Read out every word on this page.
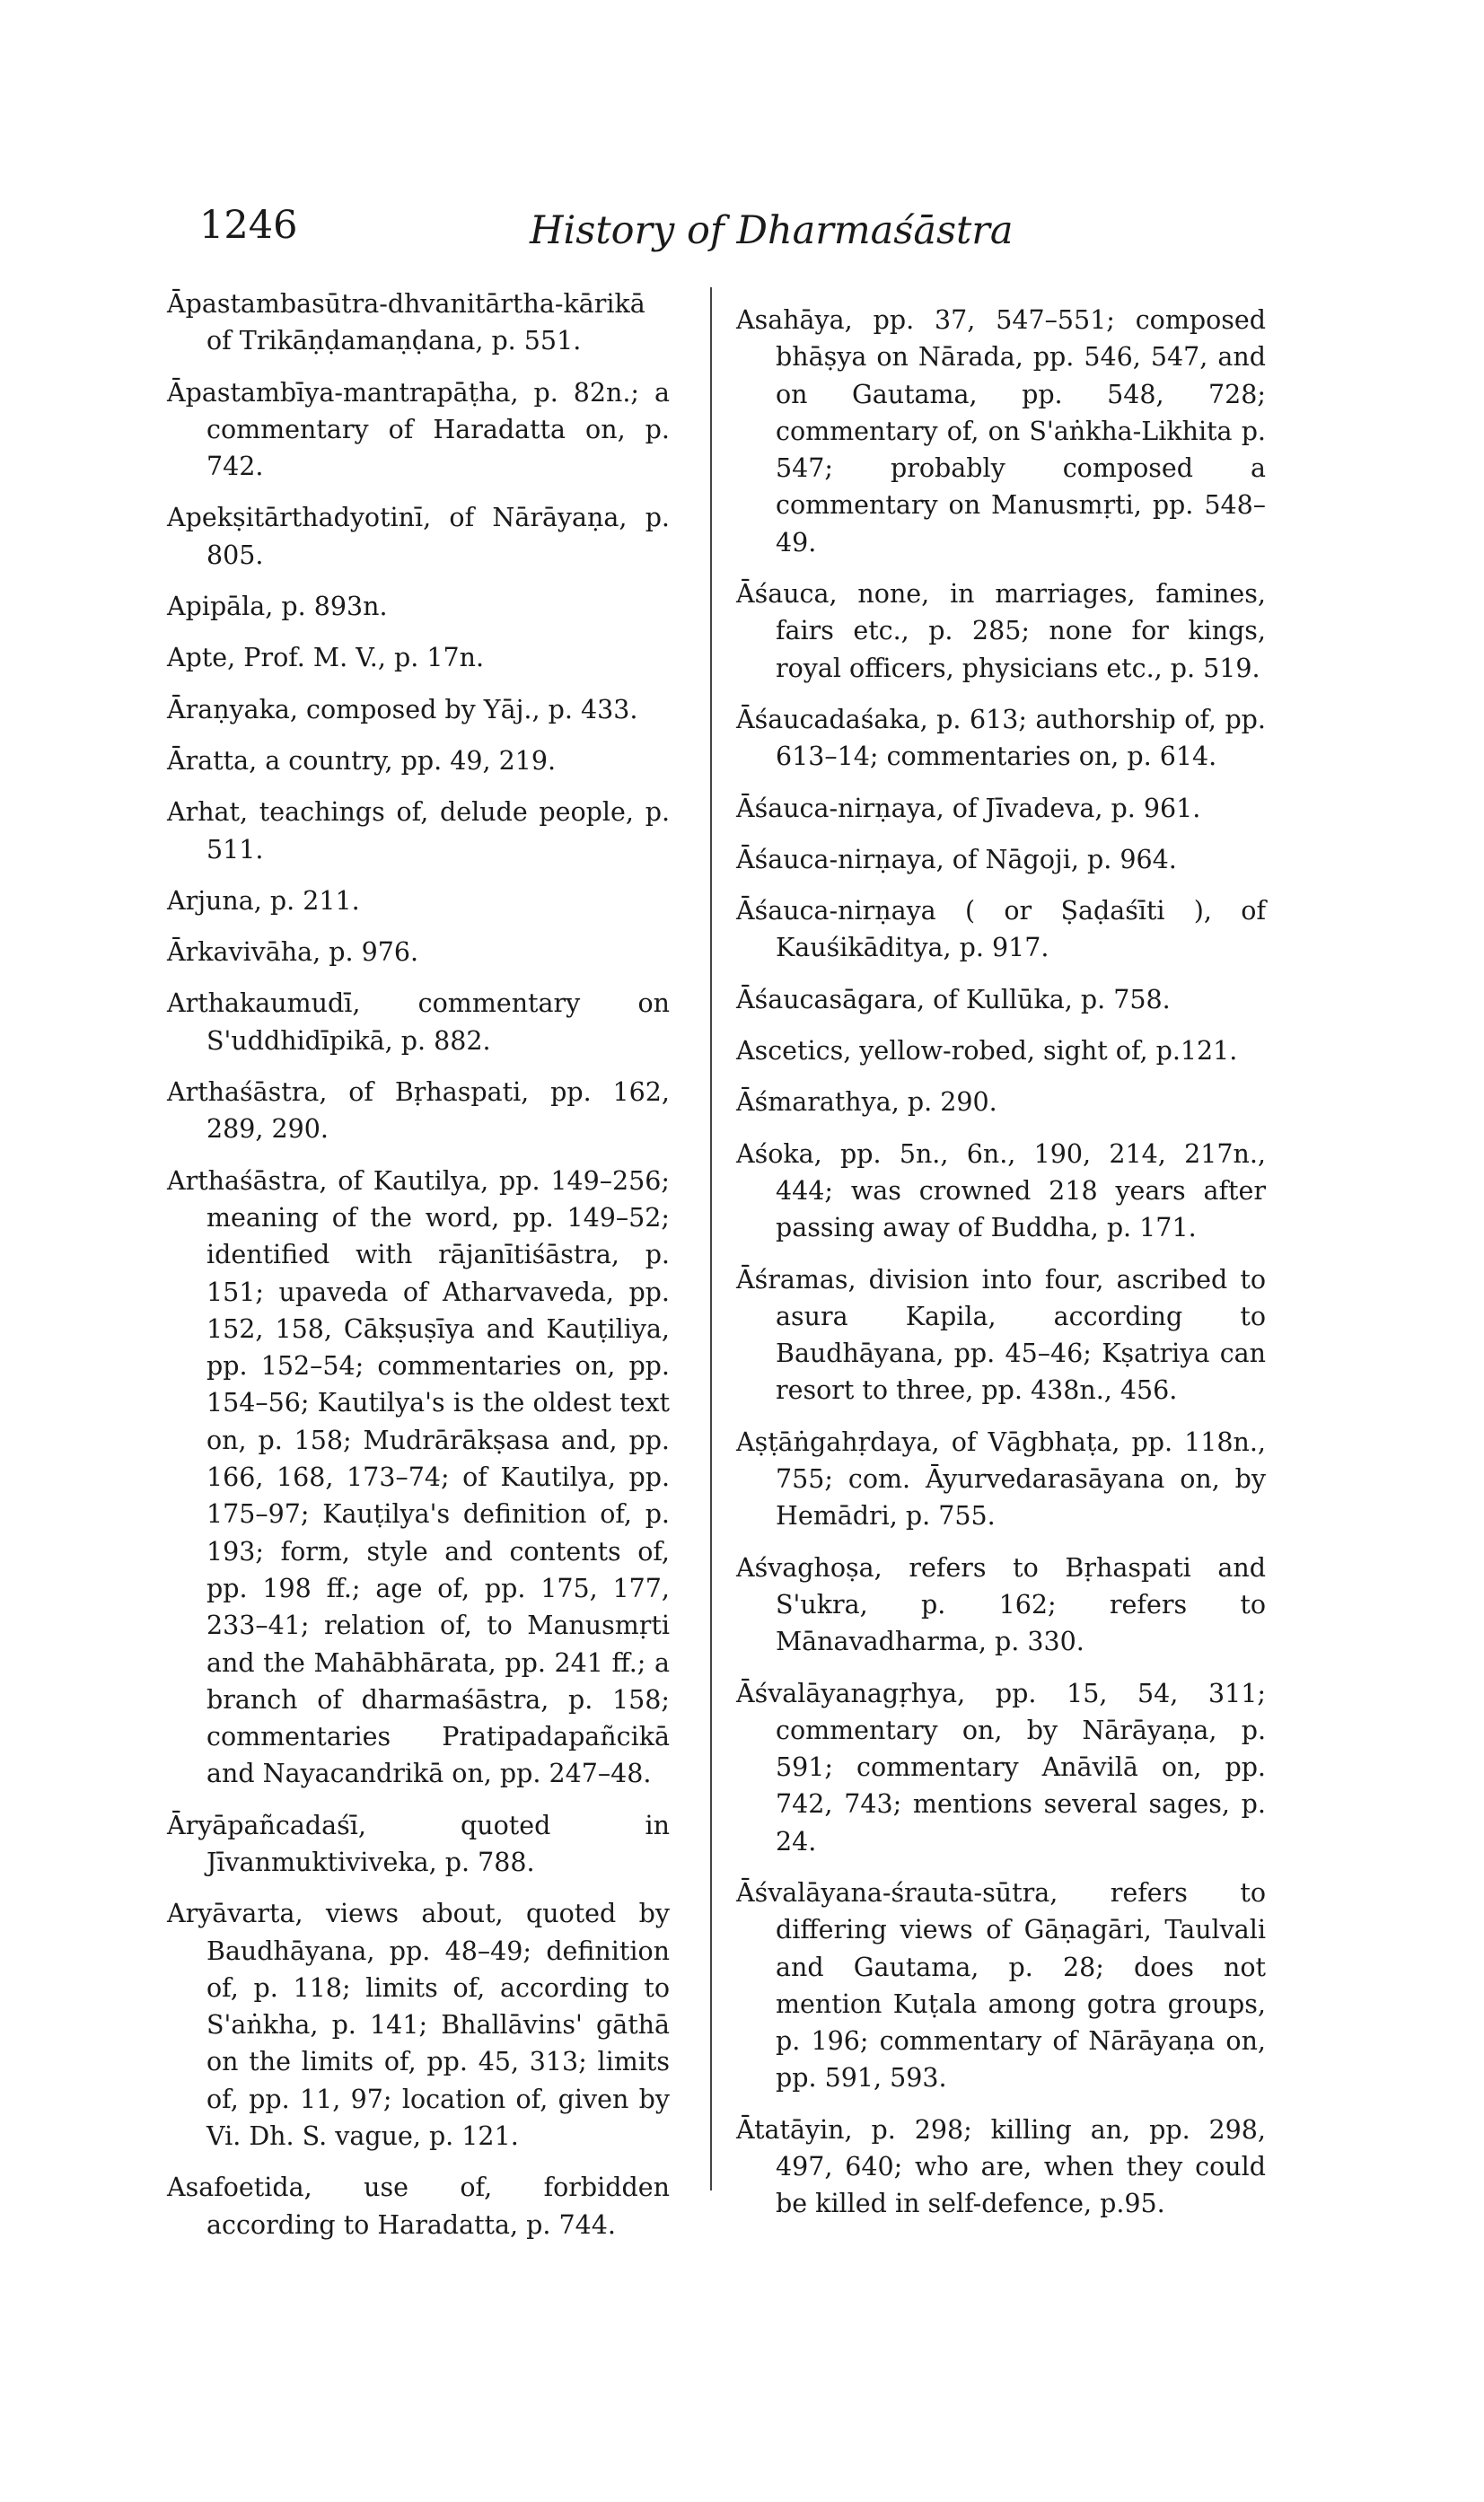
1246	History of Dharmaśāstra

Āpastambasūtra-dhvanitārtha-kārikā of Trikāṇḍamaṇḍana, p. 551.

Āpastambīya-mantrapāṭha, p. 82n.; a commentary of Haradatta on, p. 742.

Apekṣitārthadyotinī, of Nārāyaṇa, p. 805.

Apipāla, p. 893n.

Apte, Prof. M. V., p. 17n.

Āraṇyaka, composed by Yāj., p. 433.

Āratta, a country, pp. 49, 219.

Arhat, teachings of, delude people, p. 511.

Arjuna, p. 211.

Ārkavivāha, p. 976.

Arthakaumudī, commentary on S'uddhidīpikā, p. 882.

Arthaśāstra, of Bṛhaspati, pp. 162, 289, 290.

Arthaśāstra, of Kautilya, pp. 149–256; meaning of the word, pp. 149–52; identified with rājanītiśāstra, p. 151; upaveda of Atharvaveda, pp. 152, 158, Cākṣuṣīya and Kauṭiliya, pp. 152–54; commentaries on, pp. 154–56; Kautilya's is the oldest text on, p. 158; Mudrārākṣasa and, pp. 166, 168, 173–74; of Kautilya, pp. 175–97; Kauṭilya's definition of, p. 193; form, style and contents of, pp. 198 ff.; age of, pp. 175, 177, 233–41; relation of, to Manusmṛti and the Mahābhārata, pp. 241 ff.; a branch of dharmaśāstra, p. 158; commentaries Pratipadapañcikā and Nayacandrikā on, pp. 247–48.

Āryāpañcadaśī, quoted in Jīvanmuktiviveka, p. 788.

Aryāvarta, views about, quoted by Baudhāyana, pp. 48–49; definition of, p. 118; limits of, according to S'aṅkha, p. 141; Bhallāvins' gāthā on the limits of, pp. 45, 313; limits of, pp. 11, 97; location of, given by Vi. Dh. S. vague, p. 121.

Asafoetida, use of, forbidden according to Haradatta, p. 744.

Asahāya, pp. 37, 547–551; composed bhāṣya on Nārada, pp. 546, 547, and on Gautama, pp. 548, 728; commentary of, on S'aṅkha-Likhita p. 547; probably composed a commentary on Manusmṛti, pp. 548–49.

Āśauca, none, in marriages, famines, fairs etc., p. 285; none for kings, royal officers, physicians etc., p. 519.

Āśaucadaśaka, p. 613; authorship of, pp. 613–14; commentaries on, p. 614.

Āśauca-nirṇaya, of Jīvadeva, p. 961.

Āśauca-nirṇaya, of Nāgoji, p. 964.

Āśauca-nirṇaya ( or Ṣaḍaśīti ), of Kauśikāditya, p. 917.

Āśaucasāgara, of Kullūka, p. 758.

Ascetics, yellow-robed, sight of, p.121.

Āśmarathya, p. 290.

Aśoka, pp. 5n., 6n., 190, 214, 217n., 444; was crowned 218 years after passing away of Buddha, p. 171.

Āśramas, division into four, ascribed to asura Kapila, according to Baudhāyana, pp. 45–46; Kṣatriya can resort to three, pp. 438n., 456.

Aṣṭāṅgahṛdaya, of Vāgbhaṭa, pp. 118n., 755; com. Āyurvedarasāyana on, by Hemādri, p. 755.

Aśvaghoṣa, refers to Bṛhaspati and S'ukra, p. 162; refers to Mānavadharma, p. 330.

Āśvalāyanagṛhya, pp. 15, 54, 311; commentary on, by Nārāyaṇa, p. 591; commentary Anāvilā on, pp. 742, 743; mentions several sages, p. 24.

Āśvalāyana-śrauta-sūtra, refers to differing views of Gāṇagāri, Taulvali and Gautama, p. 28; does not mention Kuṭala among gotra groups, p. 196; commentary of Nārāyaṇa on, pp. 591, 593.

Ātatāyin, p. 298; killing an, pp. 298, 497, 640; who are, when they could be killed in self-defence, p.95.
